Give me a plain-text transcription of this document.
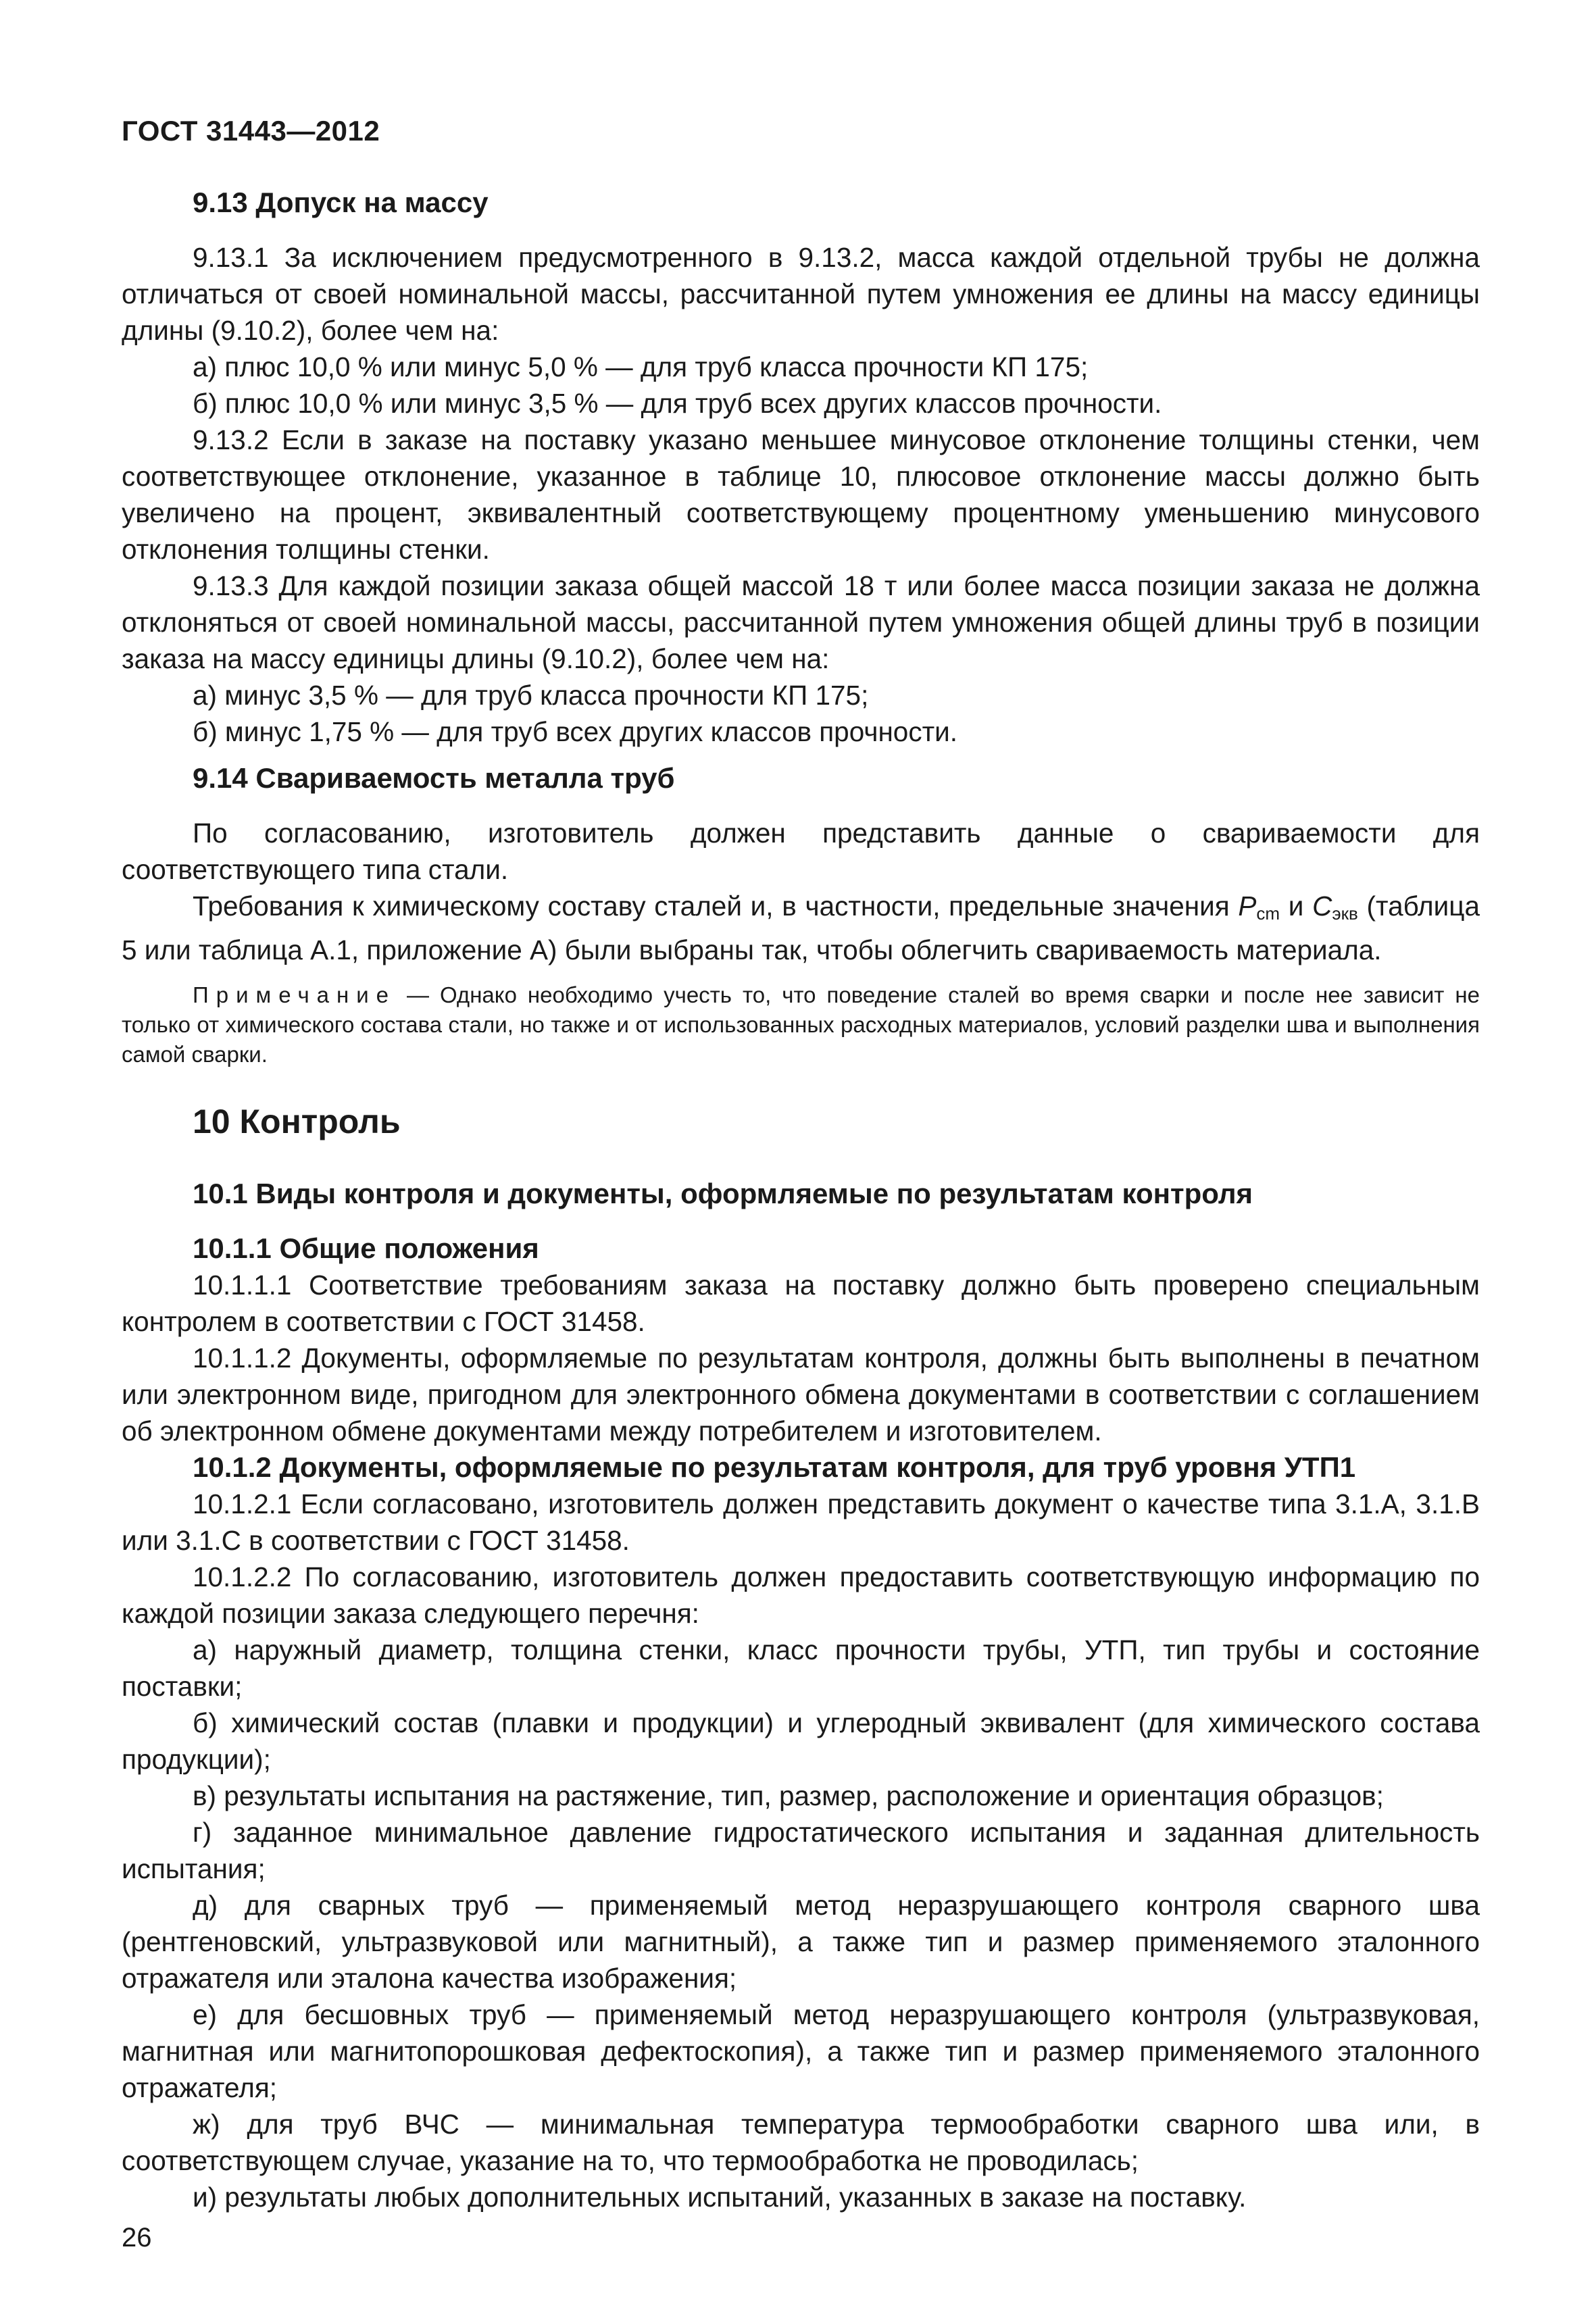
ГОСТ 31443—2012
9.13 Допуск на массу

9.13.1 За исключением предусмотренного в 9.13.2, масса каждой отдельной трубы не должна отличаться от своей номинальной массы, рассчитанной путем умножения ее длины на массу единицы длины (9.10.2), более чем на:

а) плюс 10,0 % или минус 5,0 % — для труб класса прочности КП 175;

б) плюс 10,0 % или минус 3,5 % — для труб всех других классов прочности.

9.13.2 Если в заказе на поставку указано меньшее минусовое отклонение толщины стенки, чем соответствующее отклонение, указанное в таблице 10, плюсовое отклонение массы должно быть увеличено на процент, эквивалентный соответствующему процентному уменьшению минусового отклонения толщины стенки.

9.13.3 Для каждой позиции заказа общей массой 18 т или более масса позиции заказа не должна отклоняться от своей номинальной массы, рассчитанной путем умножения общей длины труб в позиции заказа на массу единицы длины (9.10.2), более чем на:

а) минус 3,5 % — для труб класса прочности КП 175;

б) минус 1,75 % — для труб всех других классов прочности.

9.14 Свариваемость металла труб

По согласованию, изготовитель должен представить данные о свариваемости для соответствующего типа стали.

Требования к химическому составу сталей и, в частности, предельные значения $P_{cm}$ и $C_{экв}$ (таблица 5 или таблица А.1, приложение А) были выбраны так, чтобы облегчить свариваемость материала.

Примечание — Однако необходимо учесть то, что поведение сталей во время сварки и после нее зависит не только от химического состава стали, но также и от использованных расходных материалов, условий разделки шва и выполнения самой сварки.

10 Контроль
10.1 Виды контроля и документы, оформляемые по результатам контроля
10.1.1 Общие положения

10.1.1.1 Соответствие требованиям заказа на поставку должно быть проверено специальным контролем в соответствии с ГОСТ 31458.

10.1.1.2 Документы, оформляемые по результатам контроля, должны быть выполнены в печатном или электронном виде, пригодном для электронного обмена документами в соответствии с соглашением об электронном обмене документами между потребителем и изготовителем.

10.1.2 Документы, оформляемые по результатам контроля, для труб уровня УТП1

10.1.2.1 Если согласовано, изготовитель должен представить документ о качестве типа 3.1.А, 3.1.В или 3.1.С в соответствии с ГОСТ 31458.

10.1.2.2 По согласованию, изготовитель должен предоставить соответствующую информацию по каждой позиции заказа следующего перечня:

а) наружный диаметр, толщина стенки, класс прочности трубы, УТП, тип трубы и состояние поставки;

б) химический состав (плавки и продукции) и углеродный эквивалент (для химического состава продукции);

в) результаты испытания на растяжение, тип, размер, расположение и ориентация образцов;

г) заданное минимальное давление гидростатического испытания и заданная длительность испытания;

д) для сварных труб — применяемый метод неразрушающего контроля сварного шва (рентгеновский, ультразвуковой или магнитный), а также тип и размер применяемого эталонного отражателя или эталона качества изображения;

е) для бесшовных труб — применяемый метод неразрушающего контроля (ультразвуковая, магнитная или магнитопорошковая дефектоскопия), а также тип и размер применяемого эталонного отражателя;

ж) для труб ВЧС — минимальная температура термообработки сварного шва или, в соответствующем случае, указание на то, что термообработка не проводилась;

и) результаты любых дополнительных испытаний, указанных в заказе на поставку.

26
